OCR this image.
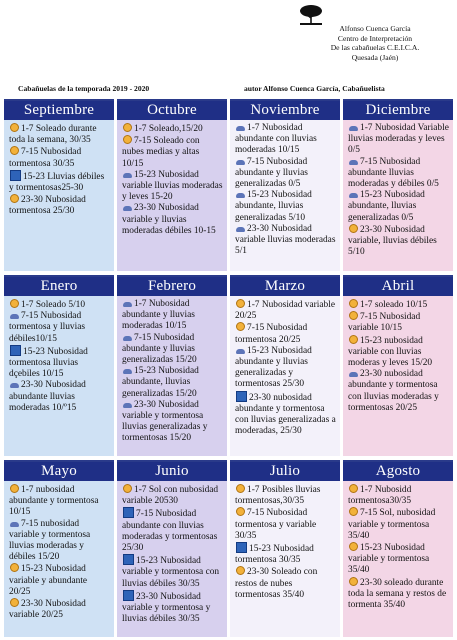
Alfonso Cuenca García
Centro de Interpretación
De las cabañuelas C.E.I.C.A.
Quesada (Jaén)
Cabañuelas de la temporada 2019 - 2020	autor Alfonso Cuenca García, Cabañuelista
Septiembre
1-7 Soleado durante toda la semana, 30/35
7-15 Nubosidad tormentosa 30/35
15-23 Lluvias débiles y tormentosas25-30
23-30 Nubosidad tormentosa 25/30
Octubre
1-7 Soleado,15/20
7-15 Soleado con nubes medias y altas 10/15
15-23 Nubosidad variable lluvias moderadas y leves 15-20
23-30 Nubosidad variable y lluvias moderadas débiles 10-15
Noviembre
1-7 Nubosidad abundante con lluvias moderadas 10/15
7-15 Nubosidad abundante y lluvias generalizadas 0/5
15-23 Nubosidad abundante, lluvias generalizadas 5/10
23-30 Nubosidad variable lluvias moderadas 5/1
Diciembre
1-7 Nubosidad Variable lluvias moderadas y leves 0/5
7-15 Nubosidad abundante lluvias moderadas y débiles 0/5
15-23 Nubosidad abundante, lluvias generalizadas 0/5
23-30 Nubosidad variable, lluvias débiles 5/10
Enero
1-7 Soleado 5/10
7-15 Nubosidad tormentosa y lluvias débiles10/15
15-23 Nubosidad tormentosa lluvias dçebiles 10/15
23-30 Nubosidad abundante lluvias moderadas 10/º15
Febrero
1-7 Nubosidad abundante y lluvias moderadas 10/15
7-15 Nubosidad abundante y lluvias generalizadas 15/20
15-23 Nubosidad abundante, lluvias generalizadas 15/20
23-30 Nubosidad variable y tormentosa lluvias generalizadas y tormentosas 15/20
Marzo
1-7 Nubosidad variable 20/25
7-15 Nubosidad tormentosa 20/25
15-23 Nubosidad abundante y lluvias generalizadas y tormentosas 25/30
23-30 nubosidad abundante y tormentosa con lluvias generalizadas a moderadas, 25/30
Abril
1-7 soleado 10/15
7-15 Nubosidad variable 10/15
15-23 nubosidad variable con lluvias moderas y leves 15/20
23-30 nubosidad abundante y tormentosa con lluvias moderadas y tormentosas 20/25
Mayo
1-7 nubosidad abundante y tormentosa 10/15
7-15 nubosidad variable y tormentosa lluvias moderadas y débiles 15/20
15-23 Nubosidad variable y abundante 20/25
23-30 Nubosidad variable 20/25
Junio
1-7 Sol con nubosidad variable 20530
7-15 Nubosidad abundante con lluvias moderadas y tormentosas 25/30
15-23 Nubosidad variable y tormentosa con lluvias débiles 30/35
23-30 Nubosidad variable y tormentosa y lluvias débiles 30/35
Julio
1-7 Posibles lluvias tormentosas,30/35
7-15 Nubosidad tormentosa y variable 30/35
15-23 Nubosidad tormentosa 30/35
23-30 Soleado con restos de nubes tormentosas 35/40
Agosto
1-7 Nubosidd tormentosa30/35
7-15 Sol, nubosidad variable y tormentosa 35/40
15-23 Nubosidad variable y tormentosa 35/40
23-30 soleado durante toda la semana y restos de tormenta 35/40
